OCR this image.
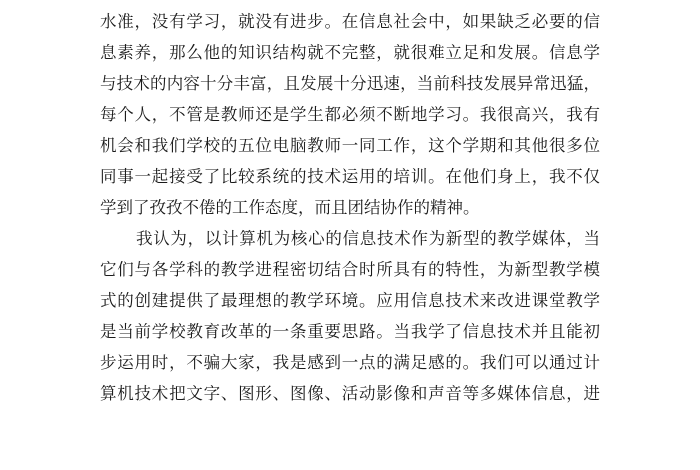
水准，没有学习，就没有进步。在信息社会中，如果缺乏必要的信
息素养，那么他的知识结构就不完整，就很难立足和发展。信息学
与技术的内容十分丰富，且发展十分迅速，当前科技发展异常迅猛，
每个人，不管是教师还是学生都必须不断地学习。我很高兴，我有
机会和我们学校的五位电脑教师一同工作，这个学期和其他很多位
同事一起接受了比较系统的技术运用的培训。在他们身上，我不仅
学到了孜孜不倦的工作态度，而且团结协作的精神。
我认为，以计算机为核心的信息技术作为新型的教学媒体，当
它们与各学科的教学进程密切结合时所具有的特性，为新型教学模
式的创建提供了最理想的教学环境。应用信息技术来改进课堂教学
是当前学校教育改革的一条重要思路。当我学了信息技术并且能初
步运用时，不骗大家，我是感到一点的满足感的。我们可以通过计
算机技术把文字、图形、图像、活动影像和声音等多媒体信息，进
